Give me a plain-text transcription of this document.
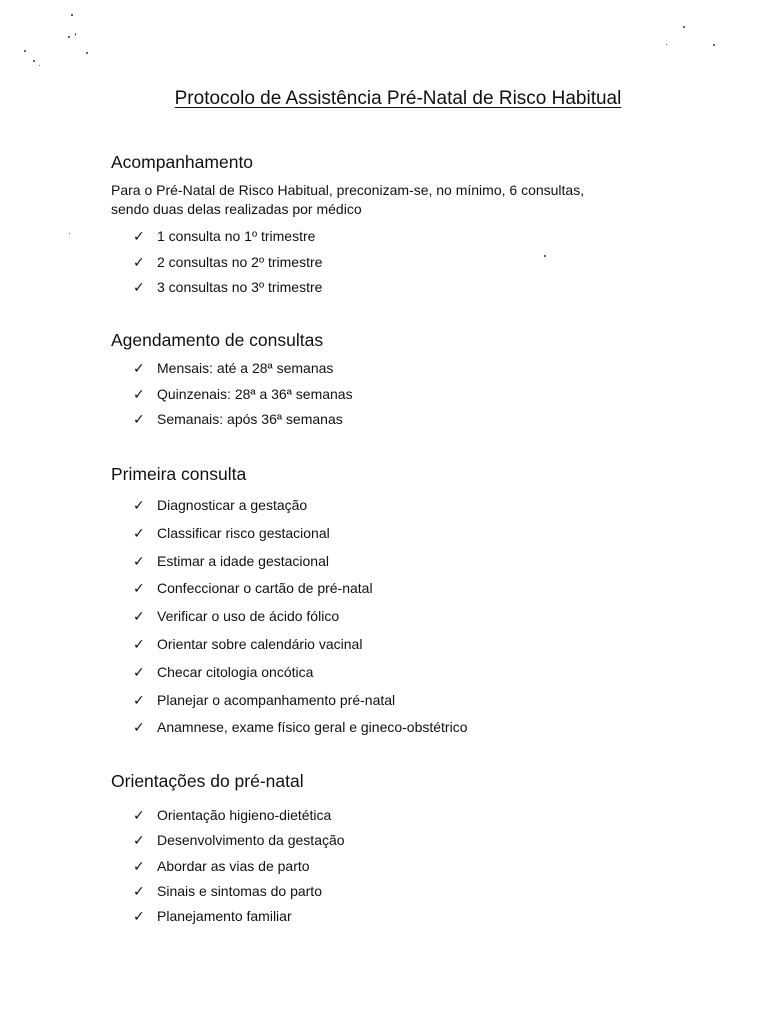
Protocolo de Assistência Pré-Natal de Risco Habitual
Acompanhamento

Para o Pré-Natal de Risco Habitual, preconizam-se, no mínimo, 6 consultas,
sendo duas delas realizadas por médico

✓ 1 consulta no 1º trimestre
✓ 2 consultas no 2º trimestre
✓ 3 consultas no 3º trimestre
Agendamento de consultas
✓ Mensais: até a 28ª semanas
✓ Quinzenais: 28ª a 36ª semanas
✓ Semanais: após 36ª semanas
Primeira consulta
✓ Diagnosticar a gestação
✓ Classificar risco gestacional
✓ Estimar a idade gestacional
✓ Confeccionar o cartão de pré-natal
✓ Verificar o uso de ácido fólico
✓ Orientar sobre calendário vacinal
✓ Checar citologia oncótica
✓ Planejar o acompanhamento pré-natal
✓ Anamnese, exame físico geral e gineco-obstétrico
Orientações do pré-natal
✓ Orientação higieno-dietética
✓ Desenvolvimento da gestação
✓ Abordar as vias de parto
✓ Sinais e sintomas do parto
✓ Planejamento familiar
